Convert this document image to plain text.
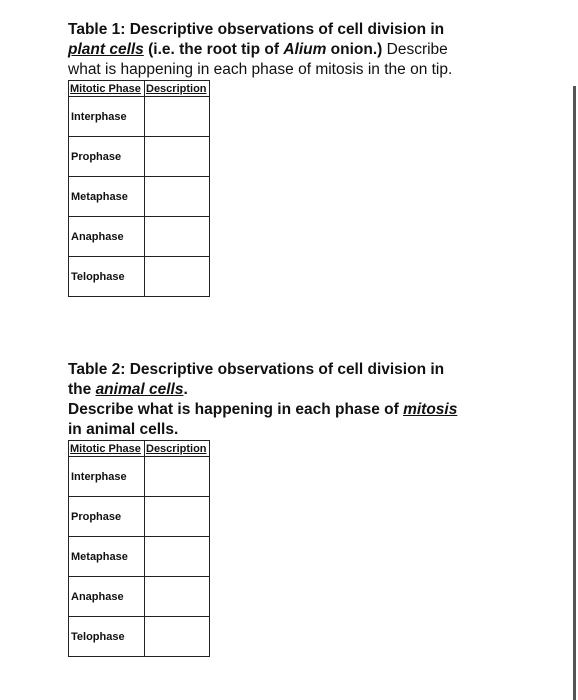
Table 1: Descriptive observations of cell division in

plant cells (i.e. the root tip of Alium onion.) Describe

what is happening in each phase of mitosis in the on tip.

Mitotic Phase	Description
Interphase	
Prophase	
Metaphase	
Anaphase	
Telophase	

Table 2: Descriptive observations of cell division in

the animal cells.

Describe what is happening in each phase of mitosis

in animal cells.

Mitotic Phase	Description
Interphase	
Prophase	
Metaphase	
Anaphase	
Telophase	
